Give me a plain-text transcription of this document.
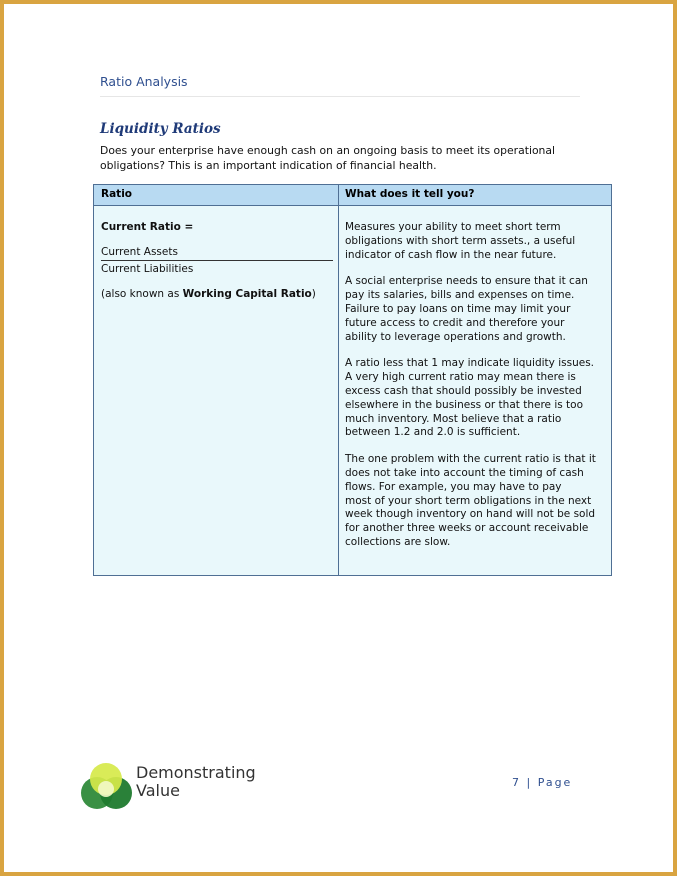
Ratio Analysis
Liquidity Ratios
Does your enterprise have enough cash on an ongoing basis to meet its operational
obligations? This is an important indication of financial health.
Ratio	What does it tell you?
Current Ratio =
Current Assets
Current Liabilities
(also known as Working Capital Ratio)

Measures your ability to meet short term
obligations with short term assets., a useful
indicator of cash flow in the near future.

A social enterprise needs to ensure that it can
pay its salaries, bills and expenses on time.
Failure to pay loans on time may limit your
future access to credit and therefore your
ability to leverage operations and growth.

A ratio less that 1 may indicate liquidity issues.
A very high current ratio may mean there is
excess cash that should possibly be invested
elsewhere in the business or that there is too
much inventory. Most believe that a ratio
between 1.2 and 2.0 is sufficient.

The one problem with the current ratio is that it
does not take into account the timing of cash
flows. For example, you may have to pay
most of your short term obligations in the next
week though inventory on hand will not be sold
for another three weeks or account receivable
collections are slow.

Demonstrating
Value	7 | Page
